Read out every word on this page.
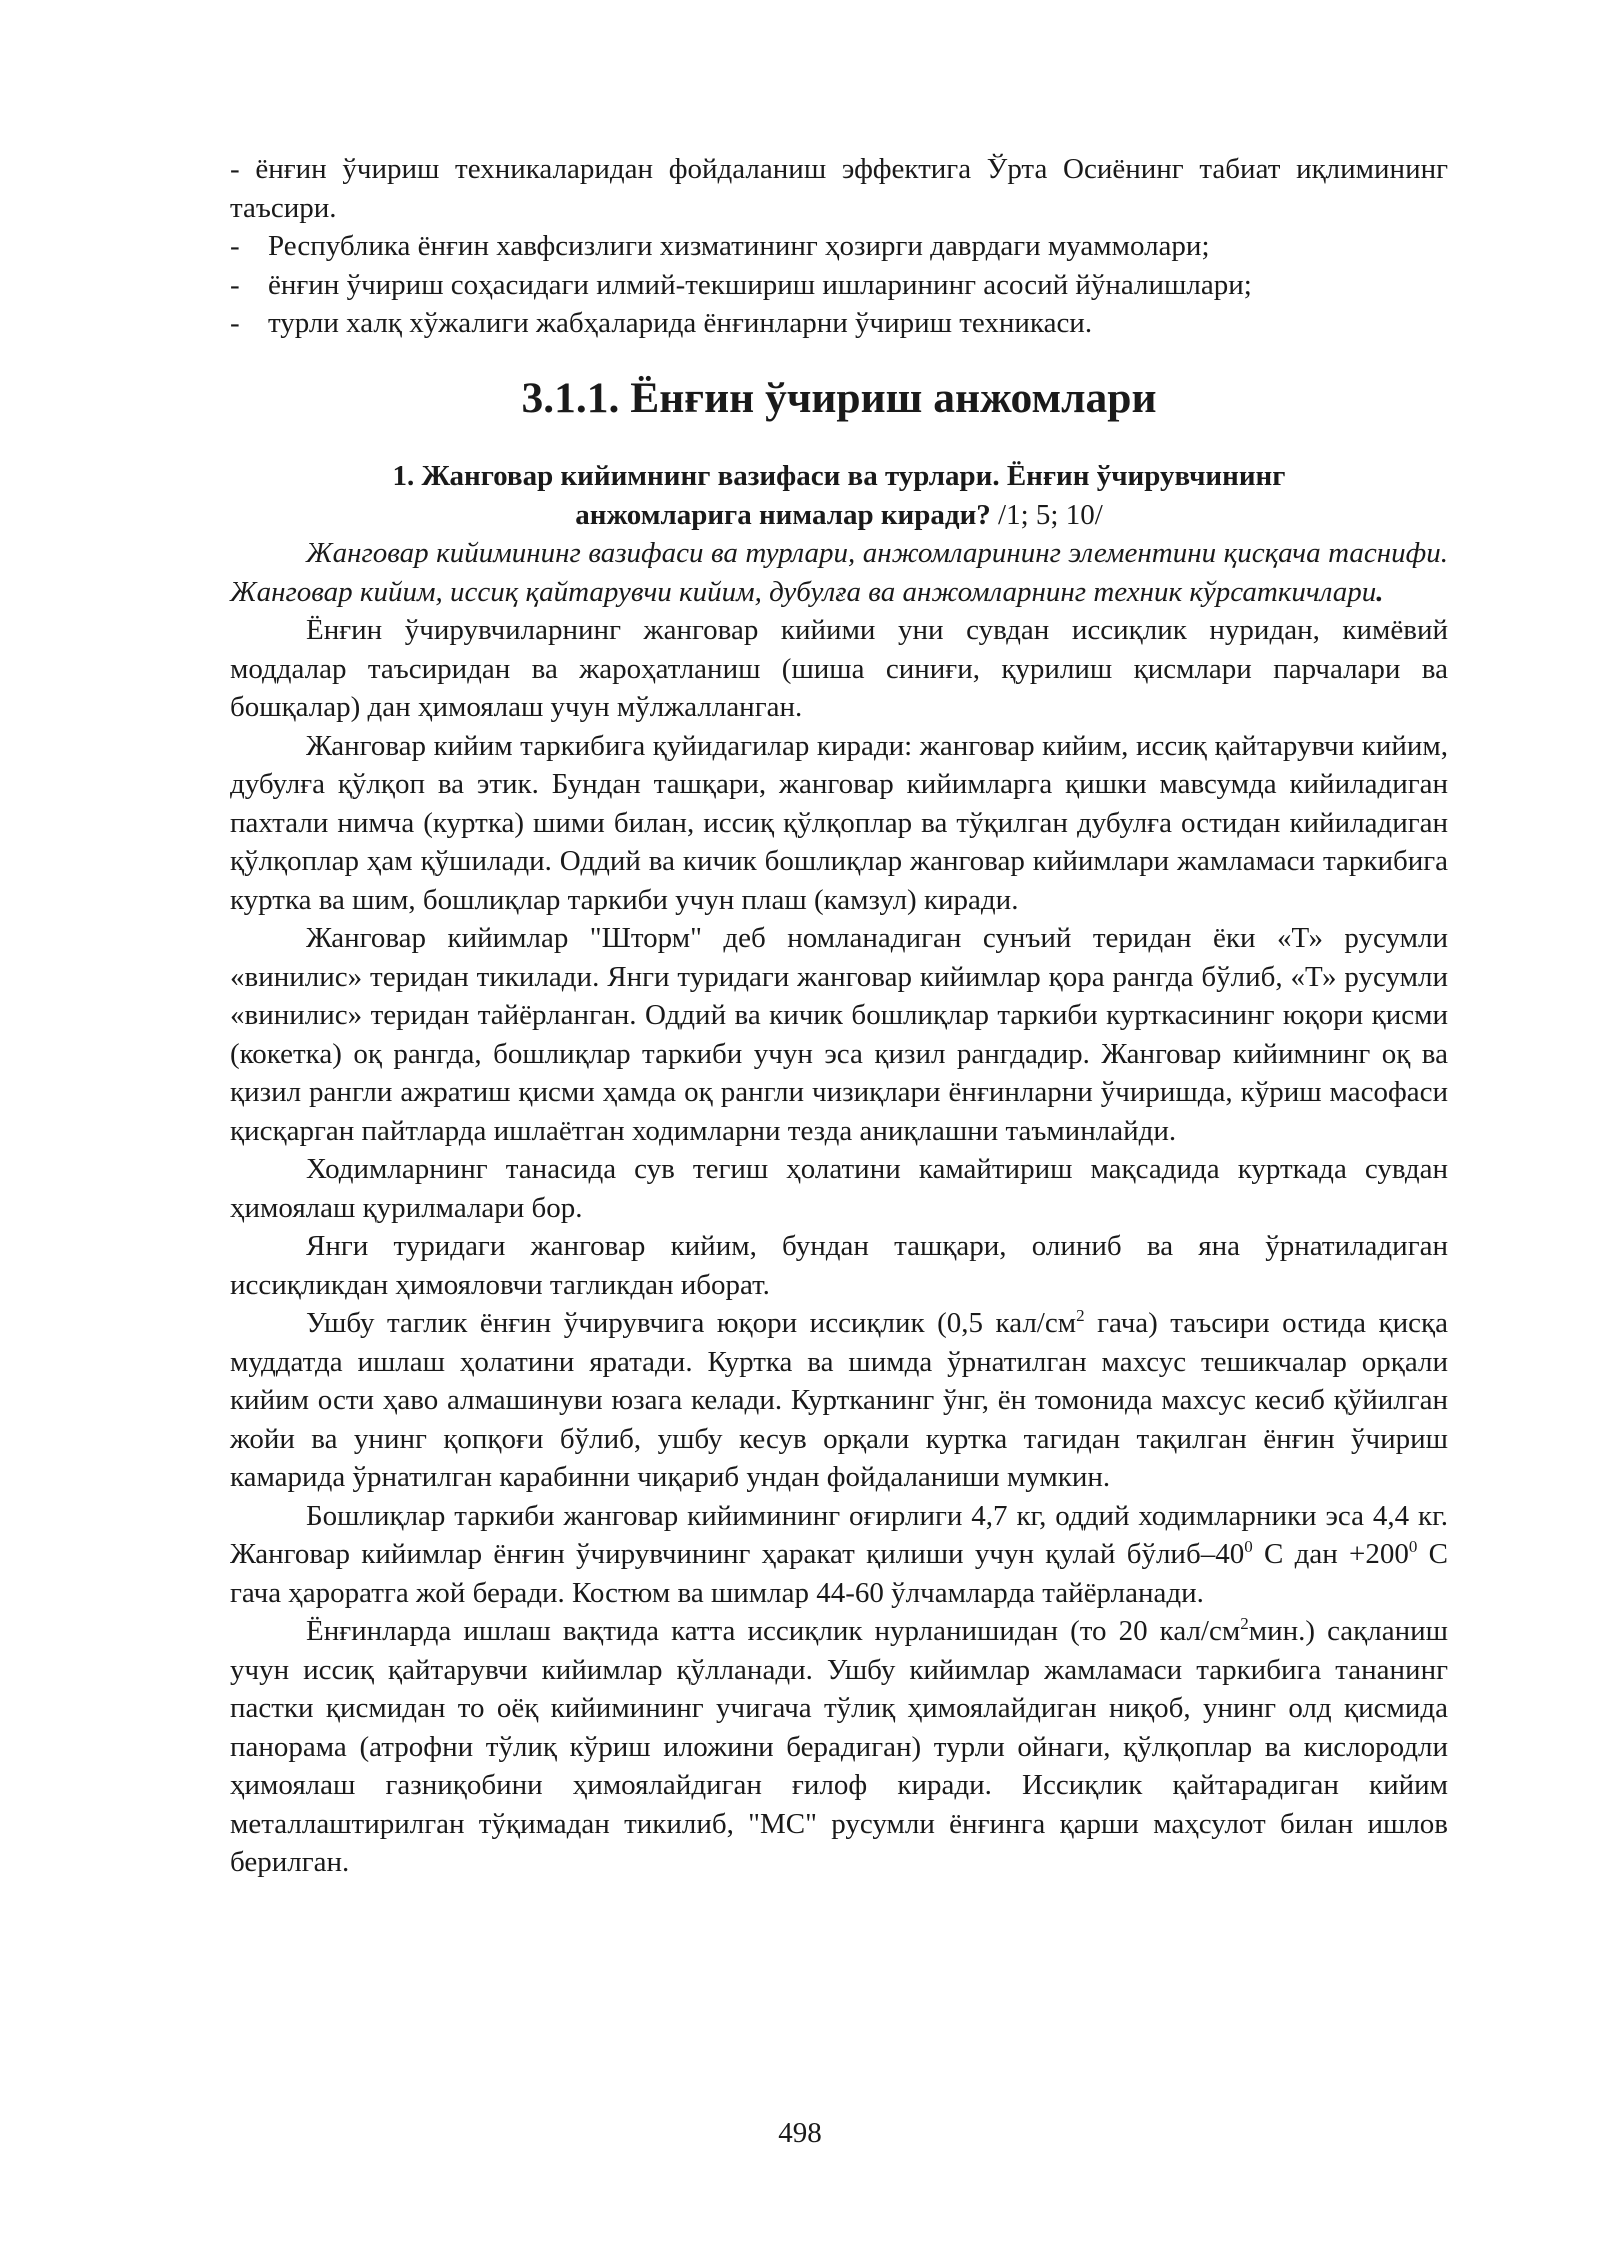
- ёнғин ўчириш техникаларидан фойдаланиш эффектига Ўрта Осиёнинг табиат иқлимининг таъсири.

- Республика ёнғин хавфсизлиги хизматининг ҳозирги даврдаги муаммолари;
- ёнғин ўчириш соҳасидаги илмий-текшириш ишларининг асосий йўналишлари;
- турли халқ хўжалиги жабҳаларида ёнғинларни ўчириш техникаси.
3.1.1. Ёнғин ўчириш анжомлари
1. Жанговар кийимнинг вазифаси ва турлари. Ёнғин ўчирувчининг
анжомларига нималар киради? /1; 5; 10/

Жанговар кийимининг вазифаси ва турлари, анжомларининг элементини қисқача таснифи. Жанговар кийим, иссиқ қайтарувчи кийим, дубулға ва анжомларнинг техник кўрсаткичлари.

Ёнғин ўчирувчиларнинг жанговар кийими уни сувдан иссиқлик нуридан, кимёвий моддалар таъсиридан ва жароҳатланиш (шиша синиғи, қурилиш қисмлари парчалари ва бошқалар) дан ҳимоялаш учун мўлжалланган.

Жанговар кийим таркибига қуйидагилар киради: жанговар кийим, иссиқ қайтарувчи кийим, дубулға қўлқоп ва этик. Бундан ташқари, жанговар кийимларга қишки мавсумда кийиладиган пахтали нимча (куртка) шими билан, иссиқ қўлқоплар ва тўқилган дубулға остидан кийиладиган қўлқоплар ҳам қўшилади. Оддий ва кичик бошлиқлар жанговар кийимлари жамламаси таркибига куртка ва шим, бошлиқлар таркиби учун плаш (камзул) киради.

Жанговар кийимлар "Шторм" деб номланадиган сунъий теридан ёки «Т» русумли «винилис» теридан тикилади. Янги туридаги жанговар кийимлар қора рангда бўлиб, «Т» русумли «винилис» теридан тайёрланган. Оддий ва кичик бошлиқлар таркиби курткасининг юқори қисми (кокетка) оқ рангда, бошлиқлар таркиби учун эса қизил рангдадир. Жанговар кийимнинг оқ ва қизил рангли ажратиш қисми ҳамда оқ рангли чизиқлари ёнғинларни ўчиришда, кўриш масофаси қисқарган пайтларда ишлаётган ходимларни тезда аниқлашни таъминлайди.

Ходимларнинг танасида сув тегиш ҳолатини камайтириш мақсадида курткада сувдан ҳимоялаш қурилмалари бор.

Янги туридаги жанговар кийим, бундан ташқари, олиниб ва яна ўрнатиладиган иссиқликдан ҳимояловчи тагликдан иборат.

Ушбу таглик ёнғин ўчирувчига юқори иссиқлик (0,5 кал/$см^2$ гача) таъсири остида қисқа муддатда ишлаш ҳолатини яратади. Куртка ва шимда ўрнатилган махсус тешикчалар орқали кийим ости ҳаво алмашинуви юзага келади. Куртканинг ўнг, ён томонида махсус кесиб қўйилган жойи ва унинг қопқоғи бўлиб, ушбу кесув орқали куртка тагидан тақилган ёнғин ўчириш камарида ўрнатилган карабинни чиқариб ундан фойдаланиши мумкин.

Бошлиқлар таркиби жанговар кийимининг оғирлиги 4,7 кг, оддий ходимларники эса 4,4 кг. Жанговар кийимлар ёнғин ўчирувчининг ҳаракат қилиши учун қулай бўлиб–$40^0$ С дан $+200^0$ С гача ҳароратга жой беради. Костюм ва шимлар 44-60 ўлчамларда тайёрланади.

Ёнғинларда ишлаш вақтида катта иссиқлик нурланишидан (то 20 кал/$см^2мин$.) сақланиш учун иссиқ қайтарувчи кийимлар қўлланади. Ушбу кийимлар жамламаси таркибига тананинг пастки қисмидан то оёқ кийимининг учигача тўлиқ ҳимоялайдиган ниқоб, унинг олд қисмида панорама (атрофни тўлиқ кўриш иложини берадиган) турли ойнаги, қўлқоплар ва кислородли ҳимоялаш газниқобини ҳимоялайдиган ғилоф киради. Иссиқлик қайтарадиган кийим металлаштирилган тўқимадан тикилиб, "МС" русумли ёнғинга қарши маҳсулот билан ишлов берилган.

498
